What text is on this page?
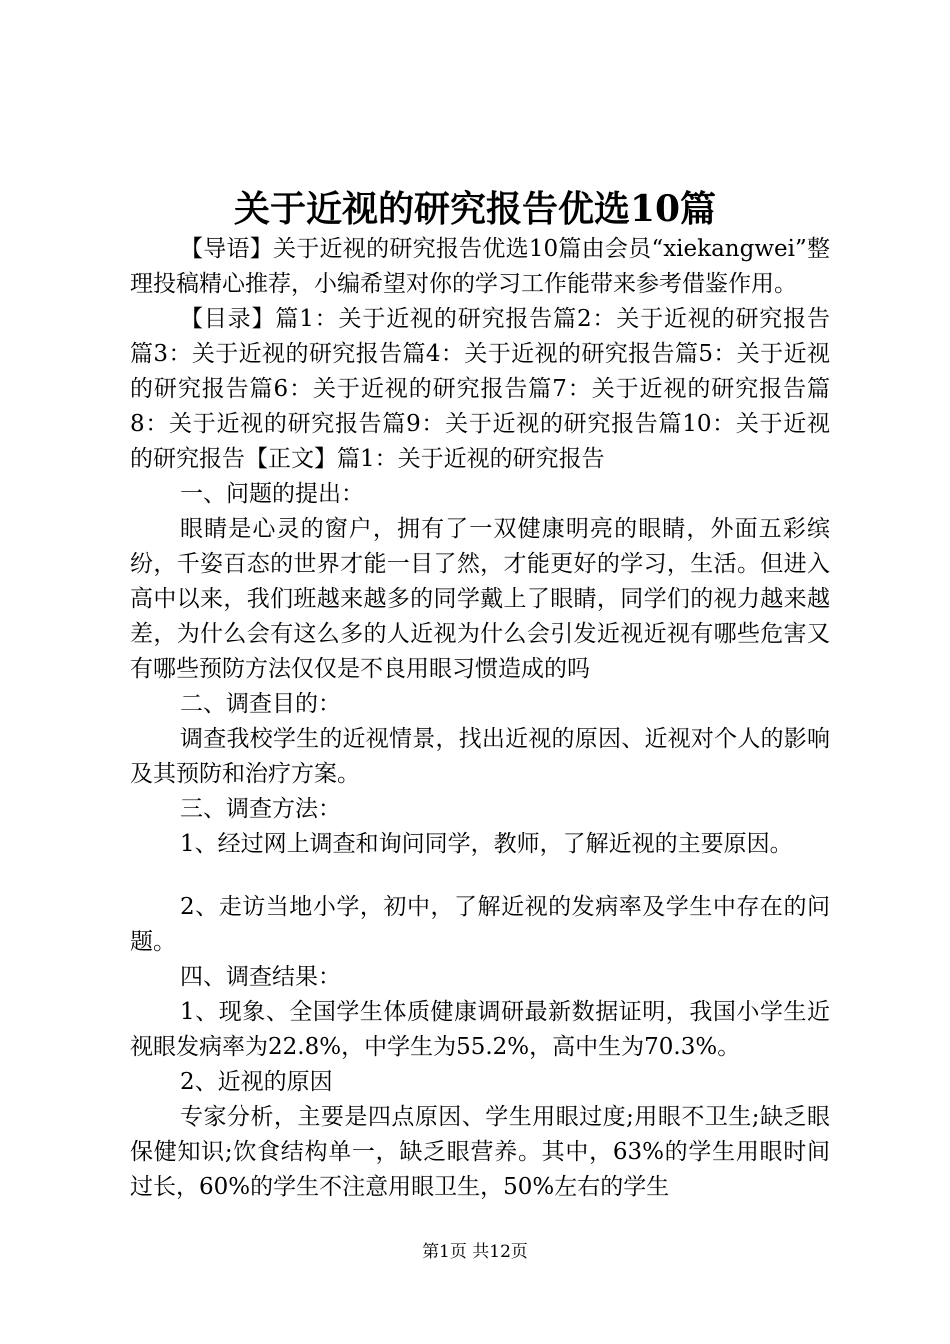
关于近视的研究报告优选10篇

【导语】关于近视的研究报告优选10篇由会员“xiekangwei”整理投稿精心推荐，小编希望对你的学习工作能带来参考借鉴作用。

【目录】篇1：关于近视的研究报告篇2：关于近视的研究报告篇3：关于近视的研究报告篇4：关于近视的研究报告篇5：关于近视的研究报告篇6：关于近视的研究报告篇7：关于近视的研究报告篇8：关于近视的研究报告篇9：关于近视的研究报告篇10：关于近视的研究报告【正文】篇1：关于近视的研究报告

一、问题的提出：

眼睛是心灵的窗户，拥有了一双健康明亮的眼睛，外面五彩缤纷，千姿百态的世界才能一目了然，才能更好的学习，生活。但进入高中以来，我们班越来越多的同学戴上了眼睛，同学们的视力越来越差，为什么会有这么多的人近视为什么会引发近视近视有哪些危害又有哪些预防方法仅仅是不良用眼习惯造成的吗

二、调查目的：

调查我校学生的近视情景，找出近视的原因、近视对个人的影响及其预防和治疗方案。

三、调查方法：

1、经过网上调查和询问同学，教师，了解近视的主要原因。

2、走访当地小学，初中，了解近视的发病率及学生中存在的问题。

四、调查结果：

1、现象、全国学生体质健康调研最新数据证明，我国小学生近视眼发病率为22.8%，中学生为55.2%，高中生为70.3%。

2、近视的原因

专家分析，主要是四点原因、学生用眼过度;用眼不卫生;缺乏眼保健知识;饮食结构单一，缺乏眼营养。其中，63%的学生用眼时间过长，60%的学生不注意用眼卫生，50%左右的学生

第1页 共12页
